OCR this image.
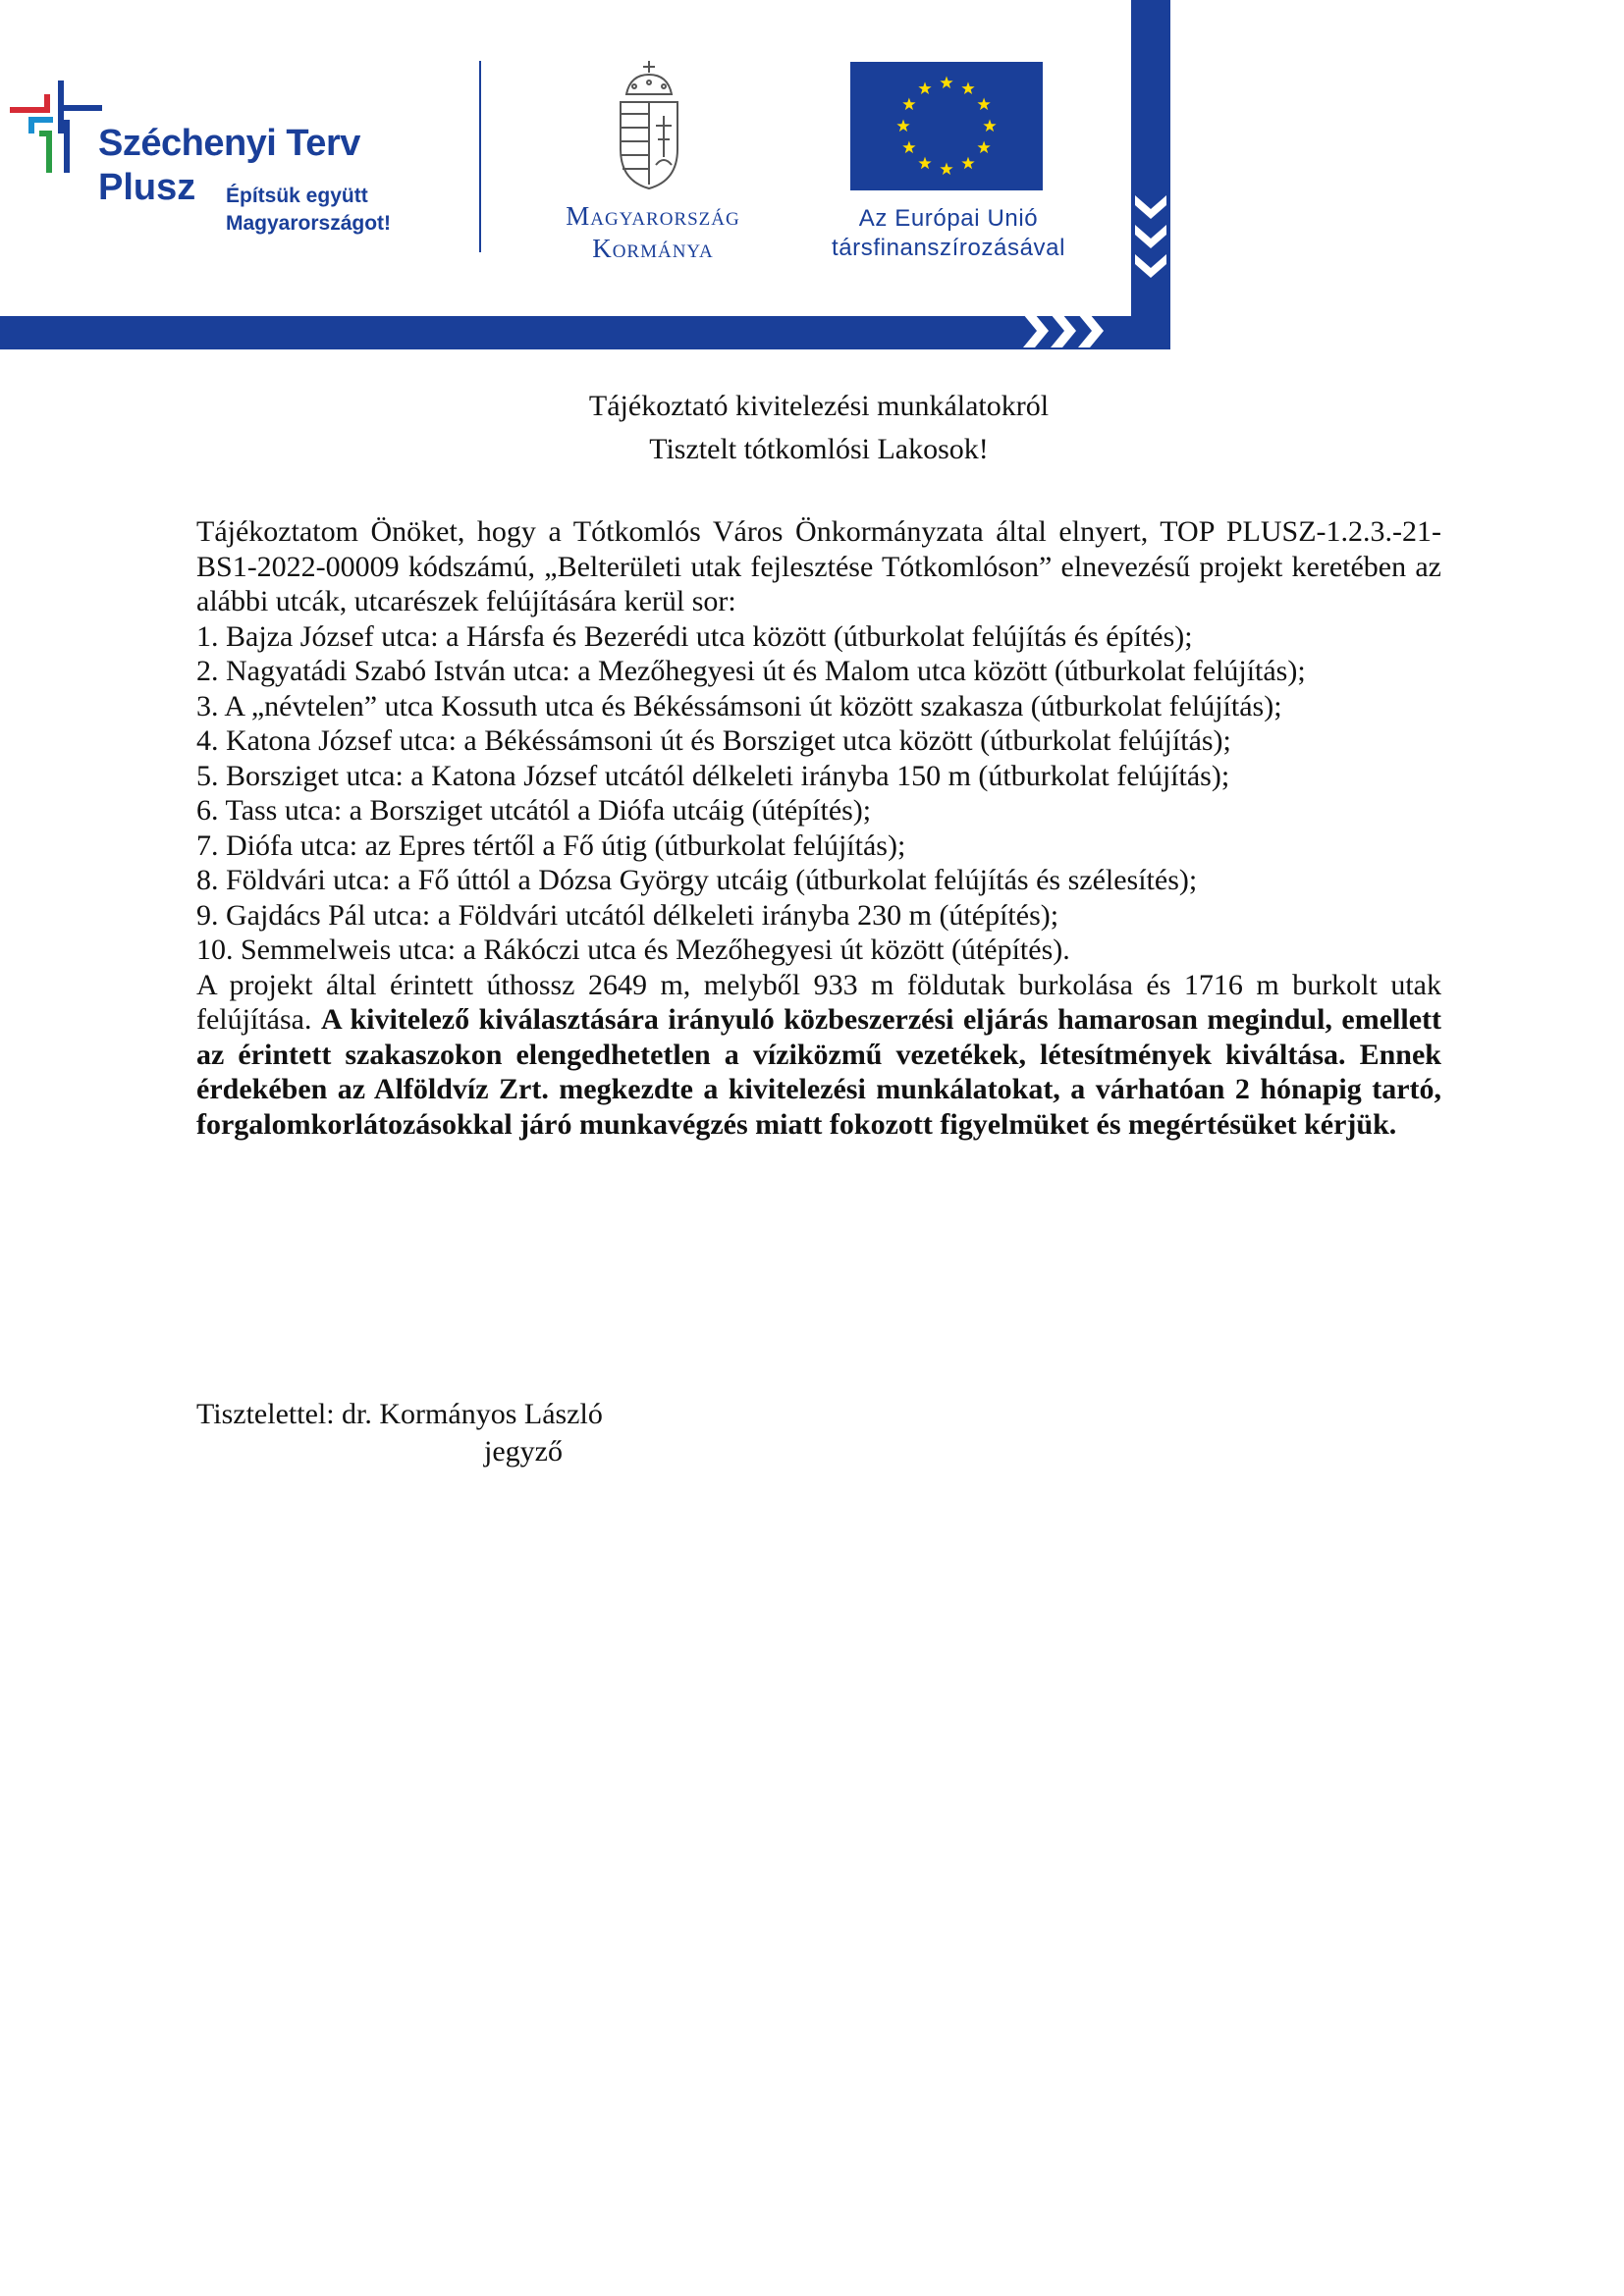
Széchenyi Terv
Plusz Építsük együtt
Magyarországot!	Magyarország
Kormánya
Az Európai Unió
társfinanszírozásával
Tájékoztató kivitelezési munkálatokról
Tisztelt tótkomlósi Lakosok!

Tájékoztatom Önöket, hogy a Tótkomlós Város Önkormányzata által elnyert, TOP PLUSZ-1.2.3.-21-BS1-2022-00009 kódszámú, „Belterületi utak fejlesztése Tótkomlóson” elnevezésű projekt keretében az alábbi utcák, utcarészek felújítására kerül sor:

1. Bajza József utca: a Hársfa és Bezerédi utca között (útburkolat felújítás és építés);
2. Nagyatádi Szabó István utca: a Mezőhegyesi út és Malom utca között (útburkolat felújítás);
3. A „névtelen” utca Kossuth utca és Békéssámsoni út között szakasza (útburkolat felújítás);
4. Katona József utca: a Békéssámsoni út és Borsziget utca között (útburkolat felújítás);
5. Borsziget utca: a Katona József utcától délkeleti irányba 150 m (útburkolat felújítás);
6. Tass utca: a Borsziget utcától a Diófa utcáig (útépítés);
7. Diófa utca: az Epres tértől a Fő útig (útburkolat felújítás);
8. Földvári utca: a Fő úttól a Dózsa György utcáig (útburkolat felújítás és szélesítés);
9. Gajdács Pál utca: a Földvári utcától délkeleti irányba 230 m (útépítés);
10. Semmelweis utca: a Rákóczi utca és Mezőhegyesi út között (útépítés).

A projekt által érintett úthossz 2649 m, melyből 933 m földutak burkolása és 1716 m burkolt utak felújítása. A kivitelező kiválasztására irányuló közbeszerzési eljárás hamarosan megindul, emellett az érintett szakaszokon elengedhetetlen a víziközmű vezetékek, létesítmények kiváltása. Ennek érdekében az Alföldvíz Zrt. megkezdte a kivitelezési munkálatokat, a várhatóan 2 hónapig tartó, forgalomkorlátozásokkal járó munkavégzés miatt fokozott figyelmüket és megértésüket kérjük.

Tisztelettel: dr. Kormányos László
jegyző
